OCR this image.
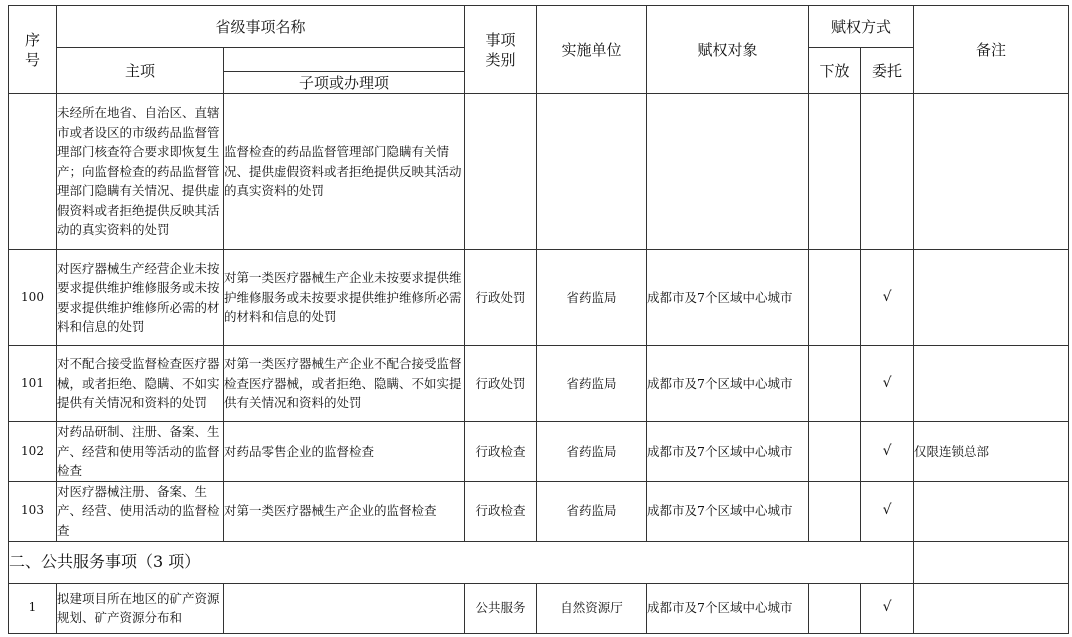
序号	省级事项名称		事项类别	实施单位	赋权对象	赋权方式		备注
	主项					下放	委托	
		子项或办理项						
	未经所在地省、自治区、直辖市或者设区的市级药品监督管理部门核查符合要求即恢复生产；向监督检查的药品监督管理部门隐瞒有关情况、提供虚假资料或者拒绝提供反映其活动的真实资料的处罚	监督检查的药品监督管理部门隐瞒有关情况、提供虚假资料或者拒绝提供反映其活动的真实资料的处罚						
100	对医疗器械生产经营企业未按要求提供维护维修服务或未按要求提供维护维修所必需的材料和信息的处罚	对第一类医疗器械生产企业未按要求提供维护维修服务或未按要求提供维护维修所必需的材料和信息的处罚	行政处罚	省药监局	成都市及7个区域中心城市		√	
101	对不配合接受监督检查医疗器械，或者拒绝、隐瞒、不如实提供有关情况和资料的处罚	对第一类医疗器械生产企业不配合接受监督检查医疗器械，或者拒绝、隐瞒、不如实提供有关情况和资料的处罚	行政处罚	省药监局	成都市及7个区域中心城市		√	
102	对药品研制、注册、备案、生产、经营和使用等活动的监督检查	对药品零售企业的监督检查	行政检查	省药监局	成都市及7个区域中心城市		√	仅限连锁总部
103	对医疗器械注册、备案、生产、经营、使用活动的监督检查	对第一类医疗器械生产企业的监督检查	行政检查	省药监局	成都市及7个区域中心城市		√	
二、公共服务事项（3 项）								
1	拟建项目所在地区的矿产资源规划、矿产资源分布和		公共服务	自然资源厅	成都市及7个区域中心城市		√	
